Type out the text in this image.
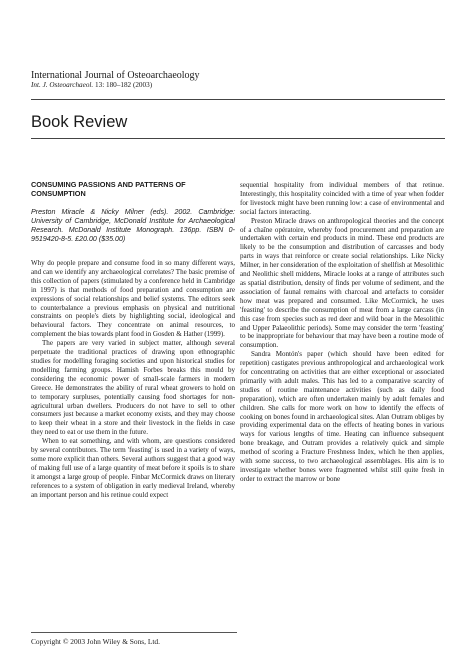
International Journal of Osteoarchaeology
Int. J. Osteoarchaeol. 13: 180–182 (2003)
Book Review
CONSUMING PASSIONS AND PATTERNS OF CONSUMPTION
Preston Miracle & Nicky Milner (eds). 2002. Cambridge: University of Cambridge, McDonald Institute for Archaeological Research. McDonald Institute Monograph. 136pp. ISBN 0-9519420-8-5. £20.00 ($35.00)

Why do people prepare and consume food in so many different ways, and can we identify any archaeological correlates? The basic premise of this collection of papers (stimulated by a conference held in Cambridge in 1997) is that methods of food preparation and consumption are expressions of social relationships and belief systems. The editors seek to counterbalance a previous emphasis on physical and nutritional constraints on people's diets by highlighting social, ideological and behavioural factors. They concentrate on animal resources, to complement the bias towards plant food in Gosden & Hather (1999).

The papers are very varied in subject matter, although several perpetuate the traditional practices of drawing upon ethnographic studies for modelling foraging societies and upon historical studies for modelling farming groups. Hamish Forbes breaks this mould by considering the economic power of small-scale farmers in modern Greece. He demonstrates the ability of rural wheat growers to hold on to temporary surpluses, potentially causing food shortages for non-agricultural urban dwellers. Producers do not have to sell to other consumers just because a market economy exists, and they may choose to keep their wheat in a store and their livestock in the fields in case they need to eat or use them in the future.

When to eat something, and with whom, are questions considered by several contributors. The term 'feasting' is used in a variety of ways, some more explicit than others. Several authors suggest that a good way of making full use of a large quantity of meat before it spoils is to share it amongst a large group of people. Finbar McCormick draws on literary references to a system of obligation in early medieval Ireland, whereby an important person and his retinue could expect

sequential hospitality from individual members of that retinue. Interestingly, this hospitality coincided with a time of year when fodder for livestock might have been running low: a case of environmental and social factors interacting.

Preston Miracle draws on anthropological theories and the concept of a chaîne opératoire, whereby food procurement and preparation are undertaken with certain end products in mind. These end products are likely to be the consumption and distribution of carcasses and body parts in ways that reinforce or create social relationships. Like Nicky Milner, in her consideration of the exploitation of shellfish at Mesolithic and Neolithic shell middens, Miracle looks at a range of attributes such as spatial distribution, density of finds per volume of sediment, and the association of faunal remains with charcoal and artefacts to consider how meat was prepared and consumed. Like McCormick, he uses 'feasting' to describe the consumption of meat from a large carcass (in this case from species such as red deer and wild boar in the Mesolithic and Upper Palaeolithic periods). Some may consider the term 'feasting' to be inappropriate for behaviour that may have been a routine mode of consumption.

Sandra Montón's paper (which should have been edited for repetition) castigates previous anthropological and archaeological work for concentrating on activities that are either exceptional or associated primarily with adult males. This has led to a comparative scarcity of studies of routine maintenance activities (such as daily food preparation), which are often undertaken mainly by adult females and children. She calls for more work on how to identify the effects of cooking on bones found in archaeological sites. Alan Outram obliges by providing experimental data on the effects of heating bones in various ways for various lengths of time. Heating can influence subsequent bone breakage, and Outram provides a relatively quick and simple method of scoring a Fracture Freshness Index, which he then applies, with some success, to two archaeological assemblages. His aim is to investigate whether bones were fragmented whilst still quite fresh in order to extract the marrow or bone

Copyright © 2003 John Wiley & Sons, Ltd.
